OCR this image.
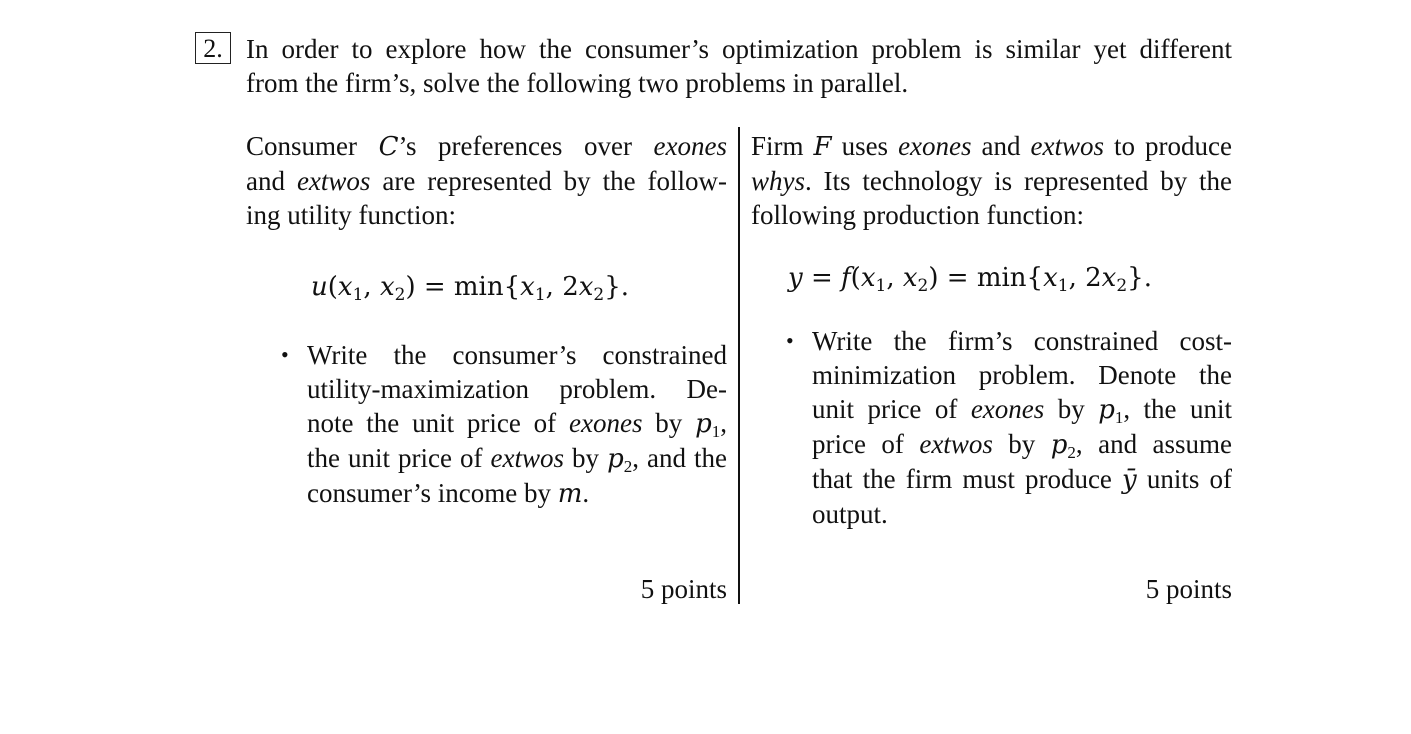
2. In order to explore how the consumer’s optimization problem is similar yet different
from the firm’s, solve the following two problems in parallel.
Consumer C’s preferences over exones
and extwos are represented by the follow-
ing utility function:
$u(x_1$, $x_2) = \min\{x_1$, $2x_2$}.
• Write the consumer’s constrained
utility-maximization problem. De-
note the unit price of exones by $p_1$,
the unit price of extwos by $p_2$, and the
consumer’s income by m.
5 points
Firm F uses exones and extwos to produce
whys. Its technology is represented by the
following production function:
$y = f(x_1$, $x_2) = \min\{x_1$, $2x_2$}.
• Write the firm’s constrained cost-
minimization problem. Denote the
unit price of exones by $p_1$, the unit
price of extwos by $p_2$, and assume
that the firm must produce ȳ units of
output.
5 points
